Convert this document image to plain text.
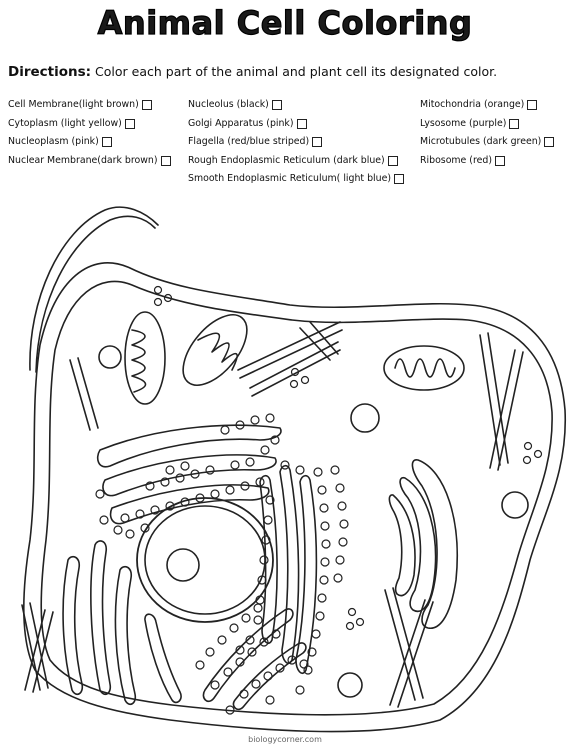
Animal Cell Coloring
Directions: Color each part of the animal and plant cell its designated color.
Cell Membrane(light brown)
Cytoplasm (light yellow)
Nucleoplasm (pink)
Nuclear Membrane(dark brown)
Nucleolus (black)
Golgi Apparatus (pink)
Flagella (red/blue striped)
Rough Endoplasmic Reticulum (dark blue)
Smooth Endoplasmic Reticulum( light blue)
Mitochondria (orange)
Lysosome (purple)
Microtubules (dark green)
Ribosome (red)
biologycorner.com
